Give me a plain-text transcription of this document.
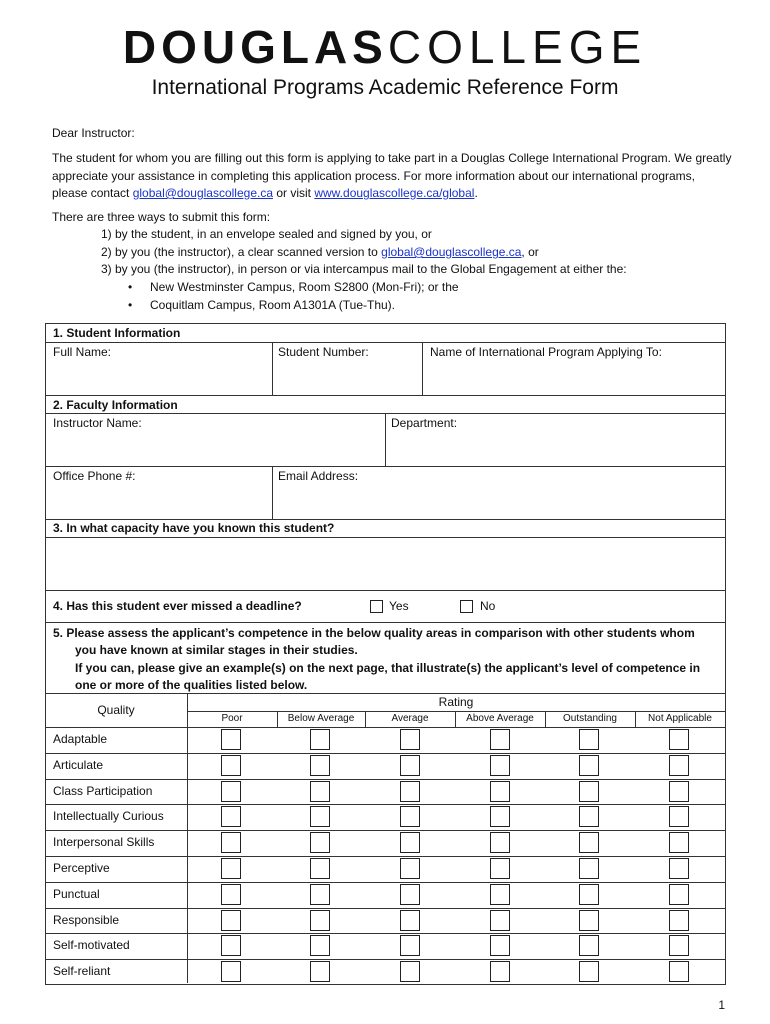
DOUGLASCOLLEGE
International Programs Academic Reference Form
Dear Instructor:
The student for whom you are filling out this form is applying to take part in a Douglas College International Program. We greatly appreciate your assistance in completing this application process. For more information about our international programs, please contact global@douglascollege.ca or visit www.douglascollege.ca/global.
There are three ways to submit this form:
1) by the student, in an envelope sealed and signed by you, or
2) by you (the instructor), a clear scanned version to global@douglascollege.ca, or
3) by you (the instructor), in person or via intercampus mail to the Global Engagement at either the:
• New Westminster Campus, Room S2800 (Mon-Fri); or the
• Coquitlam Campus, Room A1301A (Tue-Thu).
1. Student Information
Full Name:	Student Number:	Name of International Program Applying To:
2. Faculty Information
Instructor Name:	Department:
Office Phone #:	Email Address:
3. In what capacity have you known this student?
4. Has this student ever missed a deadline?	Yes	No
5. Please assess the applicant’s competence in the below quality areas in comparison with other students whom
you have known at similar stages in their studies.
If you can, please give an example(s) on the next page, that illustrate(s) the applicant’s level of competence in
one or more of the qualities listed below.
Quality
Rating
Poor	Below Average	Average	Above Average	Outstanding	Not Applicable
Adaptable
Articulate
Class Participation
Intellectually Curious
Interpersonal Skills
Perceptive
Punctual
Responsible
Self-motivated
Self-reliant
1
